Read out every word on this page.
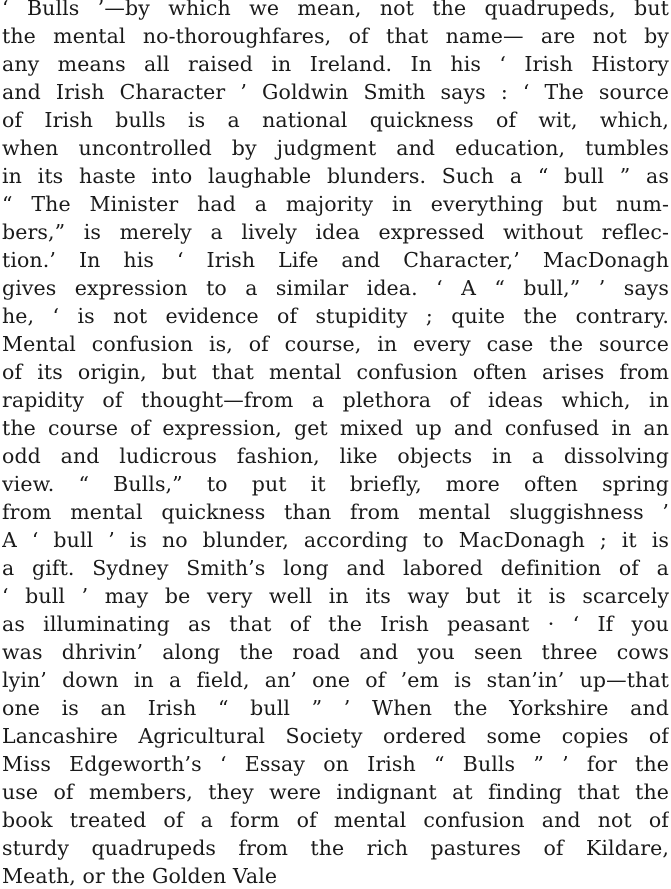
‘ Bulls ’—by which we mean, not the quadrupeds, but
the mental no-thoroughfares, of that name— are not by
any means all raised in Ireland. In his ‘ Irish History
and Irish Character ’ Goldwin Smith says : ‘ The source
of Irish bulls is a national quickness of wit, which,
when uncontrolled by judgment and education, tumbles
in its haste into laughable blunders. Such a “ bull ” as
“ The Minister had a majority in everything but num-
bers,” is merely a lively idea expressed without reflec-
tion.’ In his ‘ Irish Life and Character,’ MacDonagh
gives expression to a similar idea. ‘ A “ bull,” ’ says
he, ‘ is not evidence of stupidity ; quite the contrary.
Mental confusion is, of course, in every case the source
of its origin, but that mental confusion often arises from
rapidity of thought—from a plethora of ideas which, in
the course of expression, get mixed up and confused in an
odd and ludicrous fashion, like objects in a dissolving
view. “ Bulls,” to put it briefly, more often spring
from mental quickness than from mental sluggishness ’
A ‘ bull ’ is no blunder, according to MacDonagh ; it is
a gift. Sydney Smith’s long and labored definition of a
‘ bull ’ may be very well in its way but it is scarcely
as illuminating as that of the Irish peasant · ‘ If you
was dhrivin’ along the road and you seen three cows
lyin’ down in a field, an’ one of ’em is stan’in’ up—that
one is an Irish “ bull ” ’ When the Yorkshire and
Lancashire Agricultural Society ordered some copies of
Miss Edgeworth’s ‘ Essay on Irish “ Bulls ” ’ for the
use of members, they were indignant at finding that the
book treated of a form of mental confusion and not of
sturdy quadrupeds from the rich pastures of Kildare,
Meath, or the Golden Vale
